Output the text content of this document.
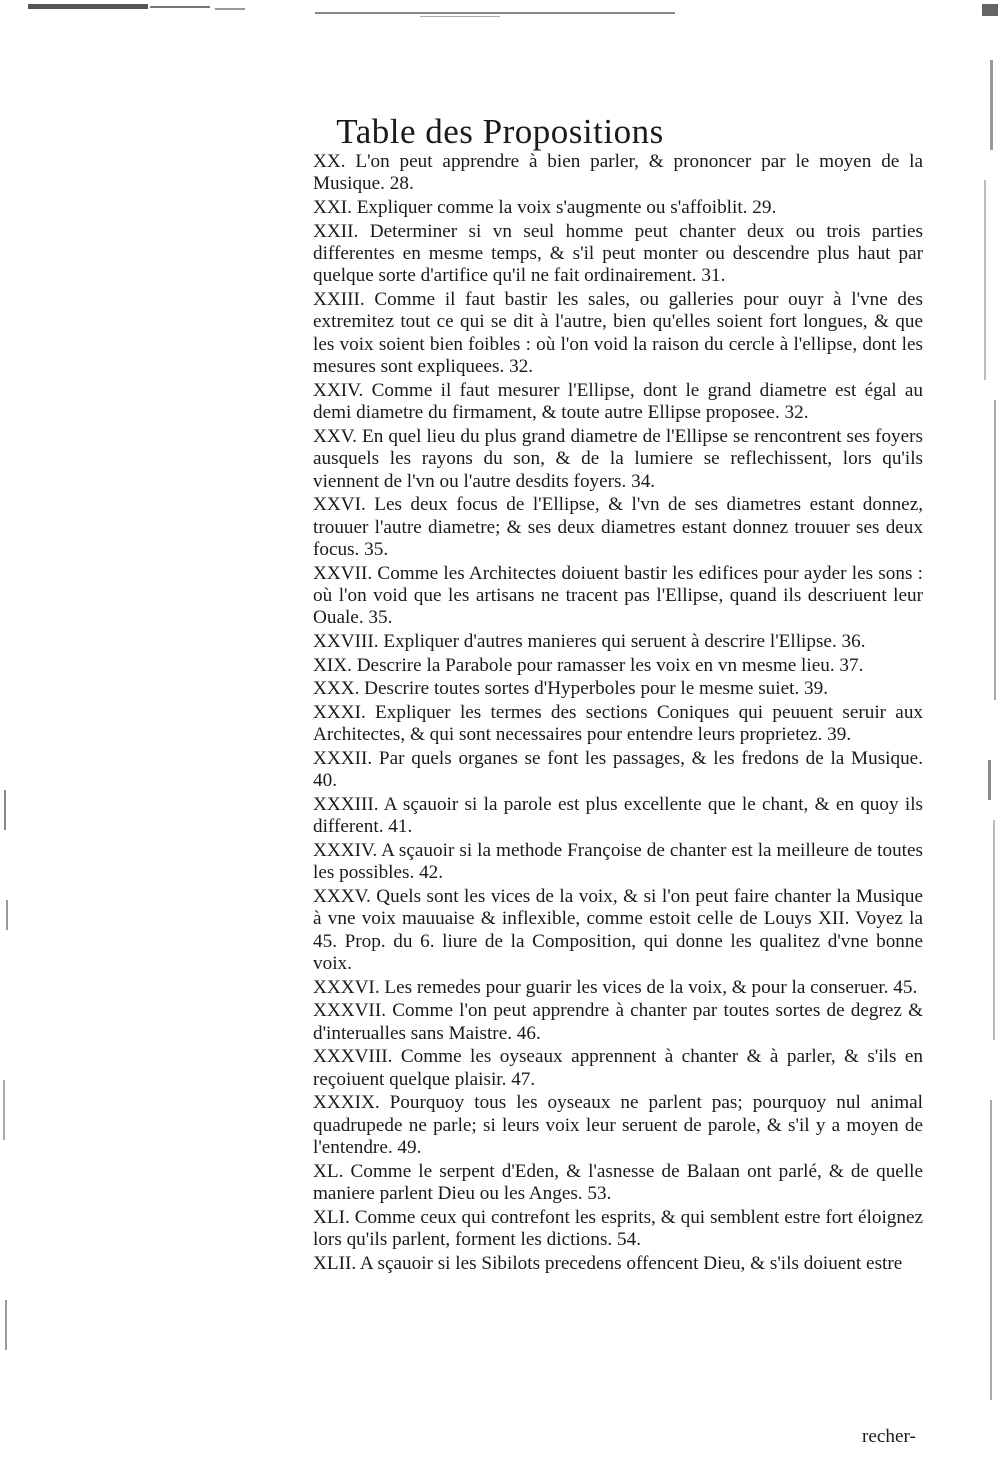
Table des Propositions

XX. L'on peut apprendre à bien parler, & prononcer par le moyen de la Musique. 28.

XXI. Expliquer comme la voix s'augmente ou s'affoiblit. 29.

XXII. Determiner si vn seul homme peut chanter deux ou trois parties differentes en mesme temps, & s'il peut monter ou descendre plus haut par quelque sorte d'artifice qu'il ne fait ordinairement. 31.

XXIII. Comme il faut bastir les sales, ou galleries pour ouyr à l'vne des extremitez tout ce qui se dit à l'autre, bien qu'elles soient fort longues, & que les voix soient bien foibles : où l'on void la raison du cercle à l'ellipse, dont les mesures sont expliquees. 32.

XXIV. Comme il faut mesurer l'Ellipse, dont le grand diametre est égal au demi diametre du firmament, & toute autre Ellipse proposee. 32.

XXV. En quel lieu du plus grand diametre de l'Ellipse se rencontrent ses foyers ausquels les rayons du son, & de la lumiere se reflechissent, lors qu'ils viennent de l'vn ou l'autre desdits foyers. 34.

XXVI. Les deux focus de l'Ellipse, & l'vn de ses diametres estant donnez, trouuer l'autre diametre; & ses deux diametres estant donnez trouuer ses deux focus. 35.

XXVII. Comme les Architectes doiuent bastir les edifices pour ayder les sons : où l'on void que les artisans ne tracent pas l'Ellipse, quand ils descriuent leur Ouale. 35.

XXVIII. Expliquer d'autres manieres qui seruent à descrire l'Ellipse. 36.

XIX. Descrire la Parabole pour ramasser les voix en vn mesme lieu. 37.

XXX. Descrire toutes sortes d'Hyperboles pour le mesme suiet. 39.

XXXI. Expliquer les termes des sections Coniques qui peuuent seruir aux Architectes, & qui sont necessaires pour entendre leurs proprietez. 39.

XXXII. Par quels organes se font les passages, & les fredons de la Musique. 40.

XXXIII. A sçauoir si la parole est plus excellente que le chant, & en quoy ils different. 41.

XXXIV. A sçauoir si la methode Françoise de chanter est la meilleure de toutes les possibles. 42.

XXXV. Quels sont les vices de la voix, & si l'on peut faire chanter la Musique à vne voix mauuaise & inflexible, comme estoit celle de Louys XII. Voyez la 45. Prop. du 6. liure de la Composition, qui donne les qualitez d'vne bonne voix.

XXXVI. Les remedes pour guarir les vices de la voix, & pour la conseruer. 45.

XXXVII. Comme l'on peut apprendre à chanter par toutes sortes de degrez & d'interualles sans Maistre. 46.

XXXVIII. Comme les oyseaux apprennent à chanter & à parler, & s'ils en reçoiuent quelque plaisir. 47.

XXXIX. Pourquoy tous les oyseaux ne parlent pas; pourquoy nul animal quadrupede ne parle; si leurs voix leur seruent de parole, & s'il y a moyen de l'entendre. 49.

XL. Comme le serpent d'Eden, & l'asnesse de Balaan ont parlé, & de quelle maniere parlent Dieu ou les Anges. 53.

XLI. Comme ceux qui contrefont les esprits, & qui semblent estre fort éloignez lors qu'ils parlent, forment les dictions. 54.

XLII. A sçauoir si les Sibilots precedens offencent Dieu, & s'ils doiuent estre

recher-
